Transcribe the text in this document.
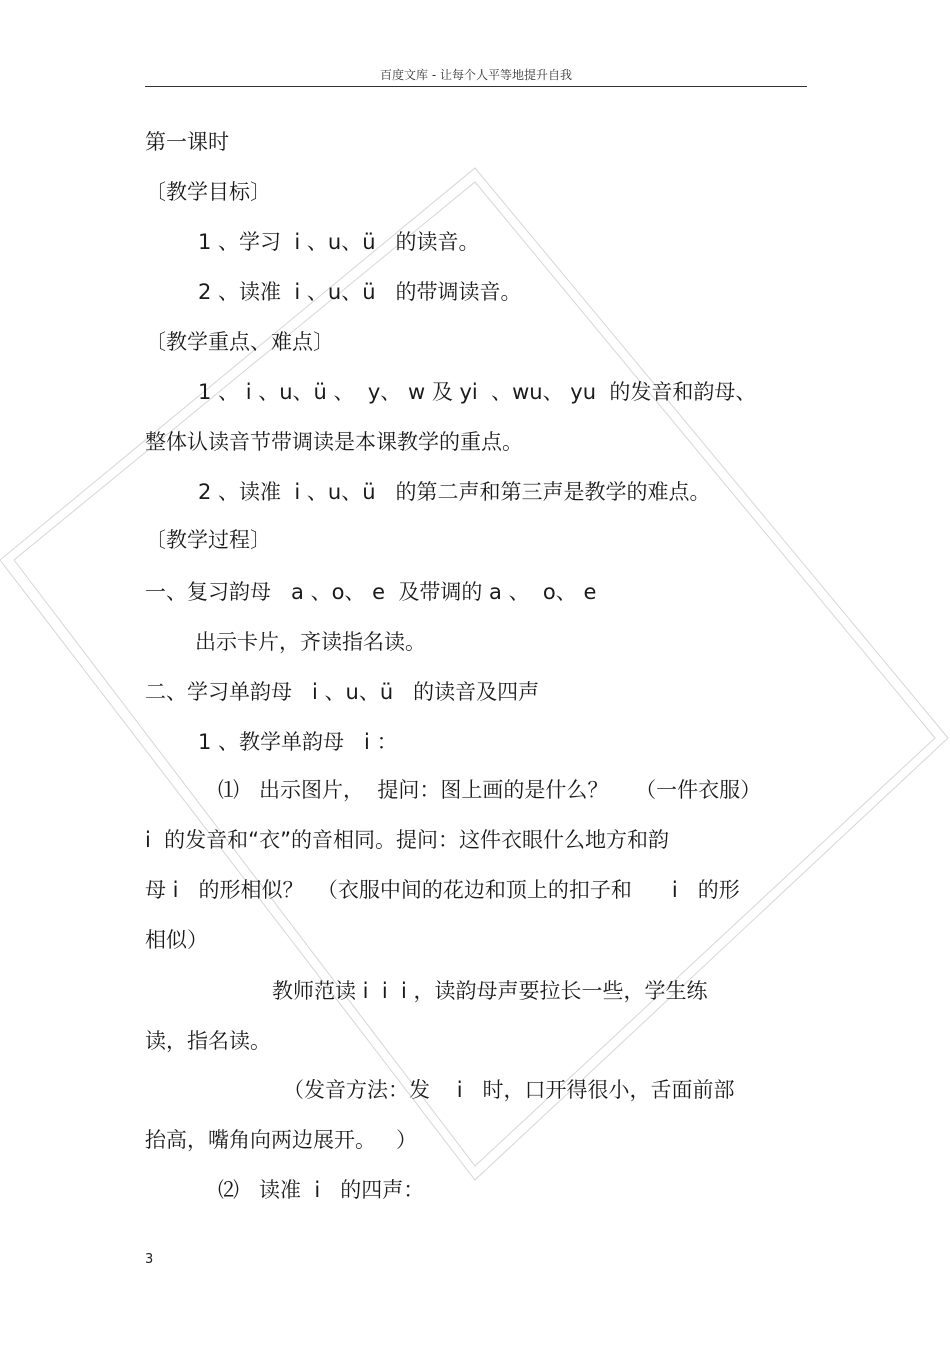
百度文库 - 让每个人平等地提升自我
第一课时
〔教学目标〕
1 、学习  i 、u、ü   的读音。
2 、读准  i 、u、ü   的带调读音。
〔教学重点、难点〕
1 、 i 、u、ü 、  y、 w 及 yi  、wu、 yu  的发音和韵母、
整体认读音节带调读是本课教学的重点。
2 、读准  i 、u、ü   的第二声和第三声是教学的难点。
〔教学过程〕
一、复习韵母   a 、o、 e  及带调的 a 、  o、 e
出示卡片，齐读指名读。
二、学习单韵母   i 、u、ü   的读音及四声
1 、教学单韵母   i ：
⑴   出示图片，  提问：图上画的是什么？    （一件衣服）
i  的发音和“衣”的音相同。提问：这件衣眼什么地方和韵
母 i   的形相似？  （衣服中间的花边和顶上的扣子和      i   的形
相似）
教师范读 i  i  i ，读韵母声要拉长一些，学生练
读，指名读。
（发音方法：发    i   时，口开得很小，舌面前部
抬高，嘴角向两边展开。   ）
⑵   读准  i   的四声：
3
